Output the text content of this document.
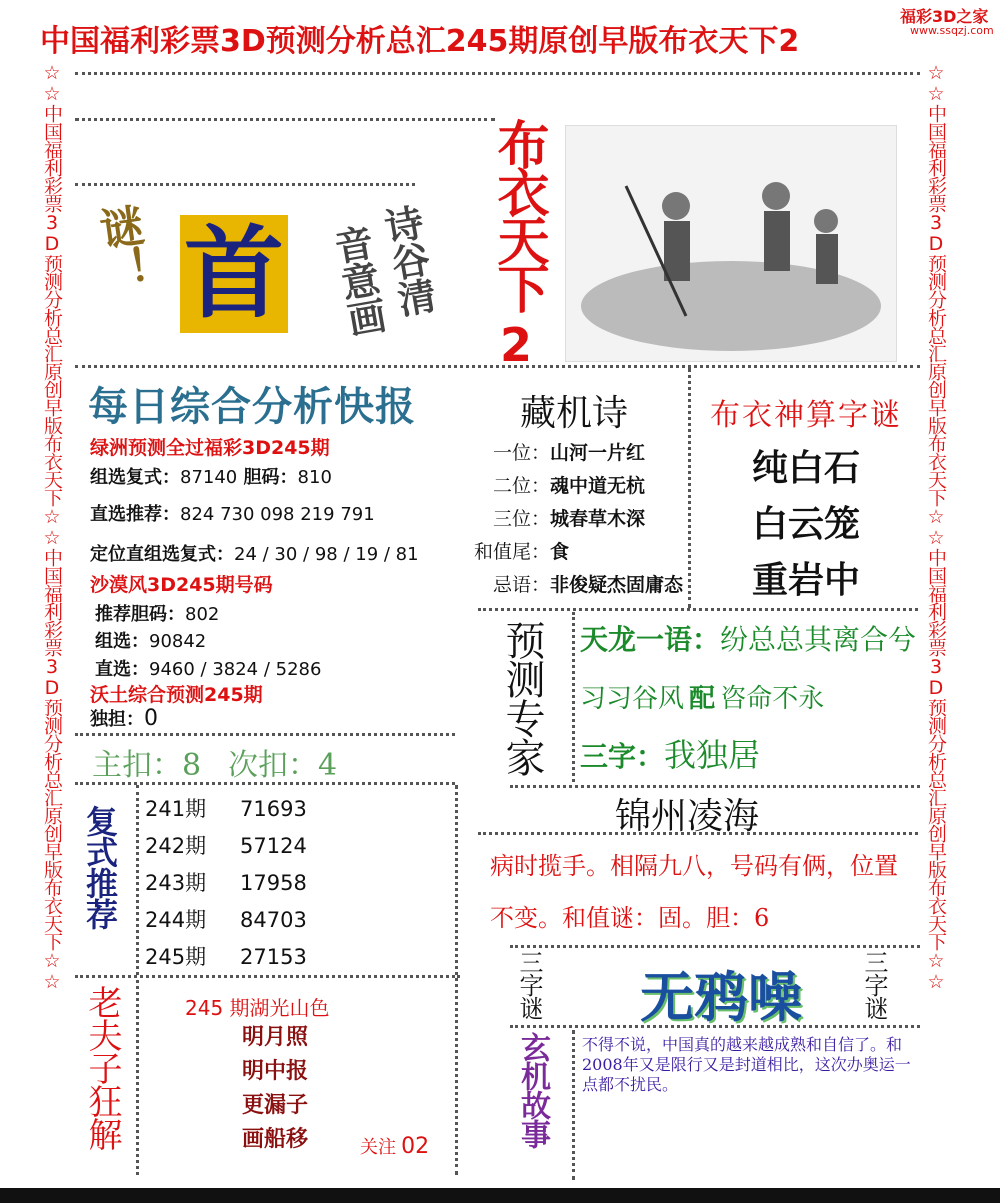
中国福利彩票3D预测分析总汇245期原创早版布衣天下2
福彩3D之家
www.ssqzj.com
☆☆中国福利彩票3D预测分析总汇原创早版布衣天下☆☆中国福利彩票3D预测分析总汇原创早版布衣天下☆☆	☆☆中国福利彩票3D预测分析总汇原创早版布衣天下☆☆中国福利彩票3D预测分析总汇原创早版布衣天下☆☆
谜！ 首 诗谷清
音意画 布衣天下
2
每日综合分析快报
绿洲预测全过福彩3D245期
组选复式：87140 胆码：810
直选推荐：824 730 098 219 791
定位直组选复式：24 / 30 / 98 / 19 / 81
沙漠风3D245期号码
推荐胆码：802
组选：90842
直选：9460 / 3824 / 5286
沃土综合预测245期
独担：0
主扣：8 次扣：4
藏机诗
一位：山河一片红
二位：魂中道无杭
三位：城春草木深
和值尾：食
忌语：非俊疑杰固庸态
布衣神算字谜
纯白石
白云笼
重岩中
预测专家 天龙一语：纷总总其离合兮
习习谷风 配 咨命不永
三字：我独居
锦州凌海
病时揽手。相隔九八，号码有俩，位置不变。和值谜：固。胆：6
复式推荐 241期 71693
242期 57124
243期 17958
244期 84703
245期 27153
老夫子狂解	245 期湖光山色
明月照
明中报
更漏子
画船移	关注 02
三字谜 无鸦噪 三字谜
玄机故事 不得不说，中国真的越来越成熟和自信了。和2008年又是限行又是封道相比，这次办奥运一点都不扰民。
